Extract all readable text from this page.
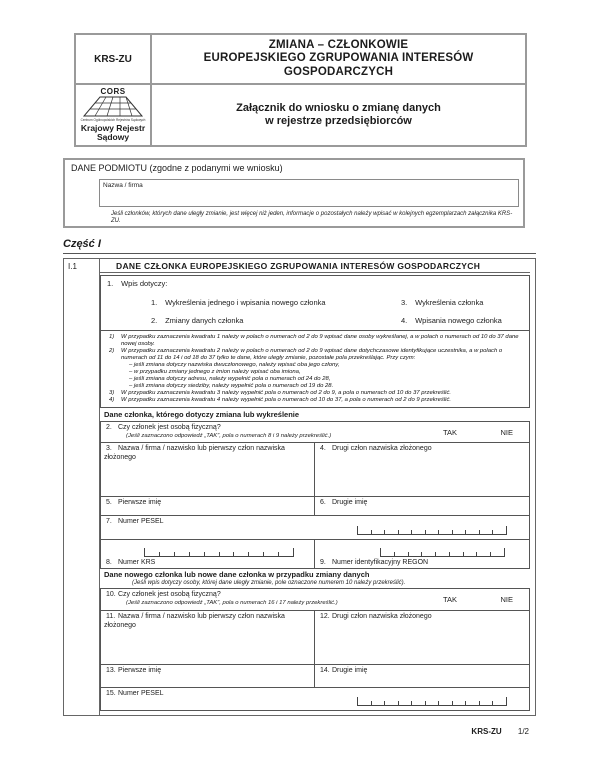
KRS-ZU
CORS
Centrum Ogólnopolskich Rejestrów Sądowych
Krajowy Rejestr
Sądowy
ZMIANA – CZŁONKOWIE
EUROPEJSKIEGO ZGRUPOWANIA INTERESÓW
GOSPODARCZYCH
Załącznik do wniosku o zmianę danych
w rejestrze przedsiębiorców
DANE PODMIOTU (zgodne z podanymi we wniosku)
Nazwa / firma
Jeśli członków, których dane uległy zmianie, jest więcej niż jeden, informacje o pozostałych należy wpisać w kolejnych egzemplarzach załącznika KRS-ZU.
Część I
I.1	DANE CZŁONKA EUROPEJSKIEGO ZGRUPOWANIA INTERESÓW GOSPODARCZYCH
1. Wpis dotyczy:
1. Wykreślenia jednego i wpisania nowego członka	3. Wykreślenia członka
2. Zmiany danych członka	4. Wpisania nowego członka
1)	W przypadku zaznaczenia kwadratu 1 należy w polach o numerach od 2 do 9 wpisać dane osoby wykreślanej, a w polach o numerach od 10 do 37 dane nowej osoby.
2)	W przypadku zaznaczenia kwadratu 2 należy w polach o numerach od 2 do 9 wpisać dane dotychczasowe identyfikujące uczestnika, a w polach o numerach od 11 do 14 i od 18 do 37 tylko te dane, które uległy zmianie, pozostałe pola przekreślając. Przy czym:
– jeśli zmiana dotyczy nazwiska dwuczłonowego, należy wpisać oba jego człony,
– w przypadku zmiany jednego z imion należy wpisać oba imiona,
– jeśli zmiana dotyczy adresu, należy wypełnić pola o numerach od 24 do 28,
– jeśli zmiana dotyczy siedziby, należy wypełnić pola o numerach od 19 do 28.
3)	W przypadku zaznaczenia kwadratu 3 należy wypełnić pola o numerach od 2 do 9, a pola o numerach od 10 do 37 przekreślić.
4)	W przypadku zaznaczenia kwadratu 4 należy wypełnić pola o numerach od 10 do 37, a pola o numerach od 2 do 9 przekreślić.
Dane członka, którego dotyczy zmiana lub wykreślenie
2. Czy członek jest osobą fizyczną?
(Jeśli zaznaczono odpowiedź „TAK”, pola o numerach 8 i 9 należy przekreślić.)	TAK	NIE
3. Nazwa / firma / nazwisko lub pierwszy człon nazwiska złożonego
4. Drugi człon nazwiska złożonego
5. Pierwsze imię	6. Drugie imię
7. Numer PESEL
8. Numer KRS	9. Numer identyfikacyjny REGON
Dane nowego członka lub nowe dane członka w przypadku zmiany danych
(Jeśli wpis dotyczy osoby, której dane uległy zmianie, pole oznaczone numerem 10 należy przekreślić).
10. Czy członek jest osobą fizyczną?
(Jeśli zaznaczono odpowiedź „TAK”, pola o numerach 16 i 17 należy przekreślić.)	TAK	NIE
11. Nazwa / firma / nazwisko lub pierwszy człon nazwiska złożonego
12. Drugi człon nazwiska złożonego
13. Pierwsze imię	14. Drugie imię
15. Numer PESEL
KRS-ZU 1/2
